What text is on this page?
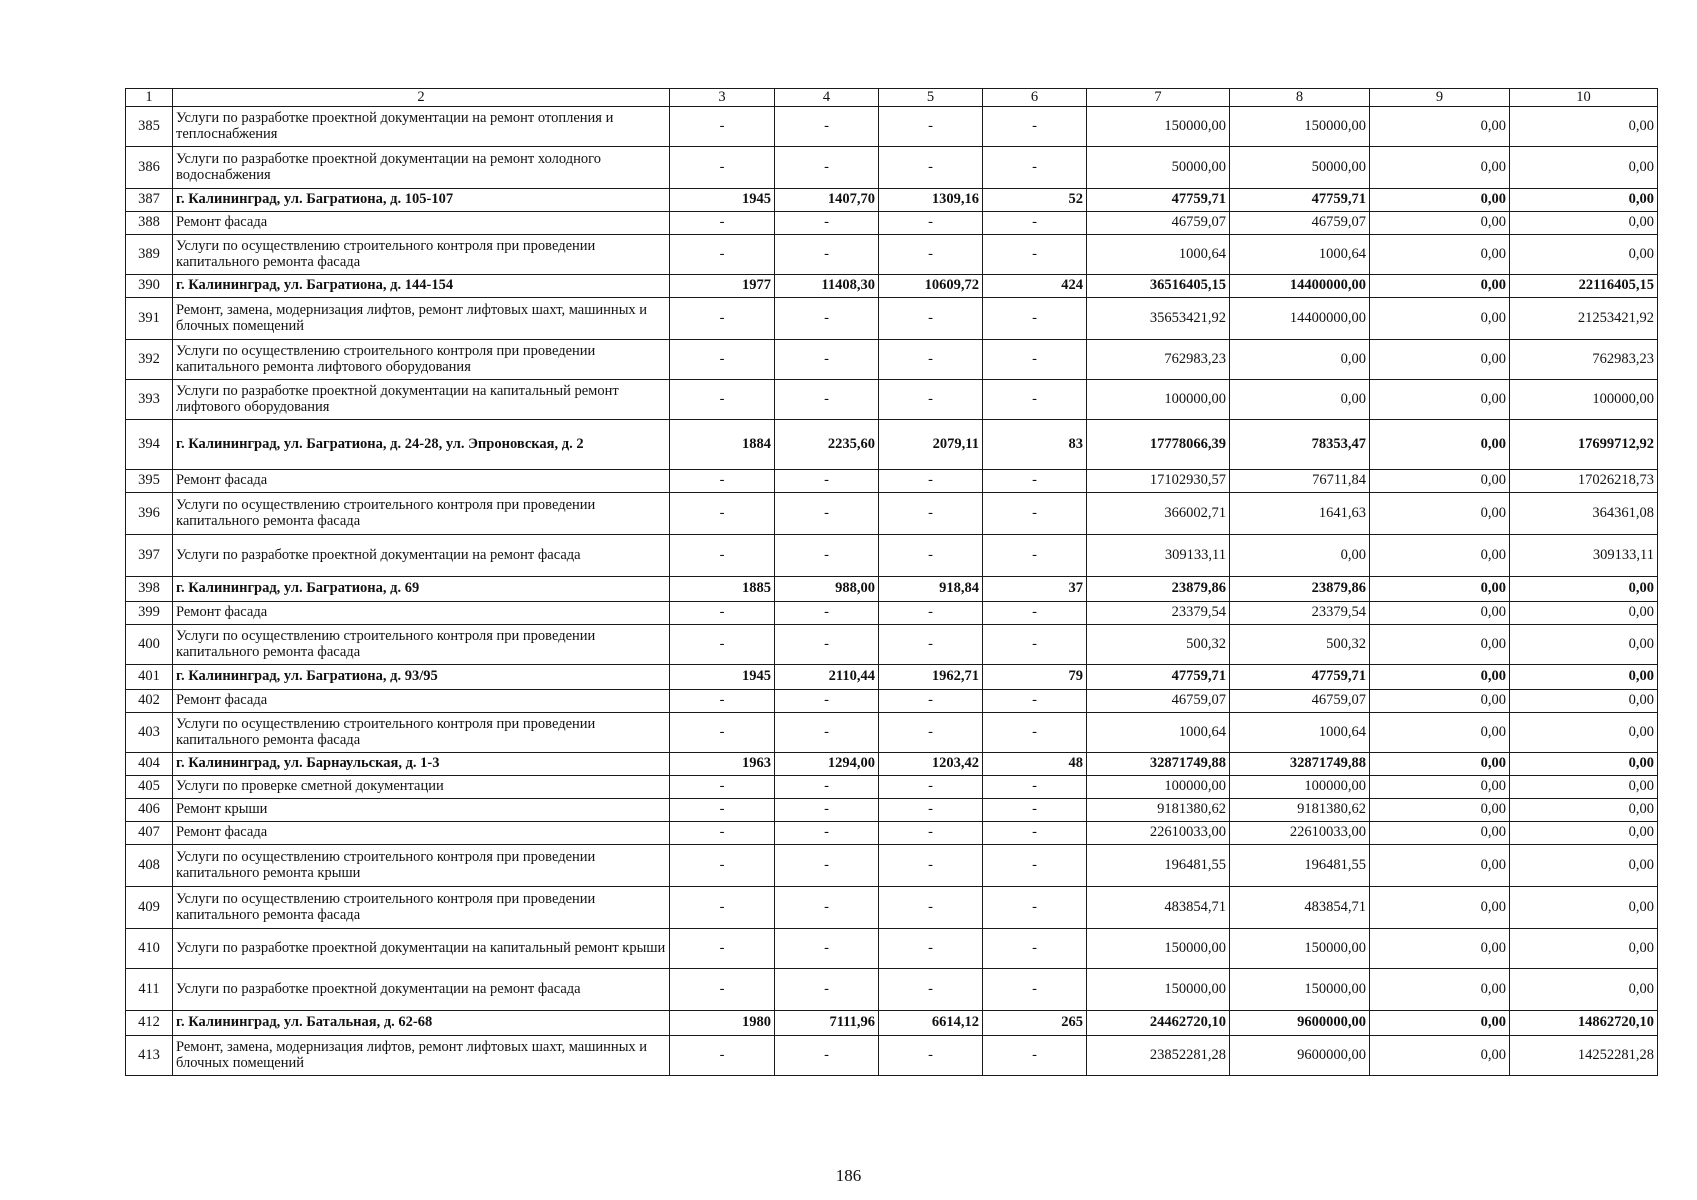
1	2	3	4	5	6	7	8	9	10
385	Услуги по разработке проектной документации на ремонт отопления и теплоснабжения	-	-	-	-	150000,00	150000,00	0,00	0,00
386	Услуги по разработке проектной документации на ремонт холодного водоснабжения	-	-	-	-	50000,00	50000,00	0,00	0,00
387	г. Калининград, ул. Багратиона, д. 105-107	1945	1407,70	1309,16	52	47759,71	47759,71	0,00	0,00
388	Ремонт фасада	-	-	-	-	46759,07	46759,07	0,00	0,00
389	Услуги по осуществлению строительного контроля при проведении капитального ремонта фасада	-	-	-	-	1000,64	1000,64	0,00	0,00
390	г. Калининград, ул. Багратиона, д. 144-154	1977	11408,30	10609,72	424	36516405,15	14400000,00	0,00	22116405,15
391	Ремонт, замена, модернизация лифтов, ремонт лифтовых шахт, машинных и блочных помещений	-	-	-	-	35653421,92	14400000,00	0,00	21253421,92
392	Услуги по осуществлению строительного контроля при проведении капитального ремонта лифтового оборудования	-	-	-	-	762983,23	0,00	0,00	762983,23
393	Услуги по разработке проектной документации на капитальный ремонт лифтового оборудования	-	-	-	-	100000,00	0,00	0,00	100000,00
394	г. Калининград, ул. Багратиона, д. 24-28, ул. Эпроновская, д. 2	1884	2235,60	2079,11	83	17778066,39	78353,47	0,00	17699712,92
395	Ремонт фасада	-	-	-	-	17102930,57	76711,84	0,00	17026218,73
396	Услуги по осуществлению строительного контроля при проведении капитального ремонта фасада	-	-	-	-	366002,71	1641,63	0,00	364361,08
397	Услуги по разработке проектной документации на ремонт фасада	-	-	-	-	309133,11	0,00	0,00	309133,11
398	г. Калининград, ул. Багратиона, д. 69	1885	988,00	918,84	37	23879,86	23879,86	0,00	0,00
399	Ремонт фасада	-	-	-	-	23379,54	23379,54	0,00	0,00
400	Услуги по осуществлению строительного контроля при проведении капитального ремонта фасада	-	-	-	-	500,32	500,32	0,00	0,00
401	г. Калининград, ул. Багратиона, д. 93/95	1945	2110,44	1962,71	79	47759,71	47759,71	0,00	0,00
402	Ремонт фасада	-	-	-	-	46759,07	46759,07	0,00	0,00
403	Услуги по осуществлению строительного контроля при проведении капитального ремонта фасада	-	-	-	-	1000,64	1000,64	0,00	0,00
404	г. Калининград, ул. Барнаульская, д. 1-3	1963	1294,00	1203,42	48	32871749,88	32871749,88	0,00	0,00
405	Услуги по проверке сметной документации	-	-	-	-	100000,00	100000,00	0,00	0,00
406	Ремонт крыши	-	-	-	-	9181380,62	9181380,62	0,00	0,00
407	Ремонт фасада	-	-	-	-	22610033,00	22610033,00	0,00	0,00
408	Услуги по осуществлению строительного контроля при проведении капитального ремонта крыши	-	-	-	-	196481,55	196481,55	0,00	0,00
409	Услуги по осуществлению строительного контроля при проведении капитального ремонта фасада	-	-	-	-	483854,71	483854,71	0,00	0,00
410	Услуги по разработке проектной документации на капитальный ремонт крыши	-	-	-	-	150000,00	150000,00	0,00	0,00
411	Услуги по разработке проектной документации на ремонт фасада	-	-	-	-	150000,00	150000,00	0,00	0,00
412	г. Калининград, ул. Батальная, д. 62-68	1980	7111,96	6614,12	265	24462720,10	9600000,00	0,00	14862720,10
413	Ремонт, замена, модернизация лифтов, ремонт лифтовых шахт, машинных и блочных помещений	-	-	-	-	23852281,28	9600000,00	0,00	14252281,28
186
